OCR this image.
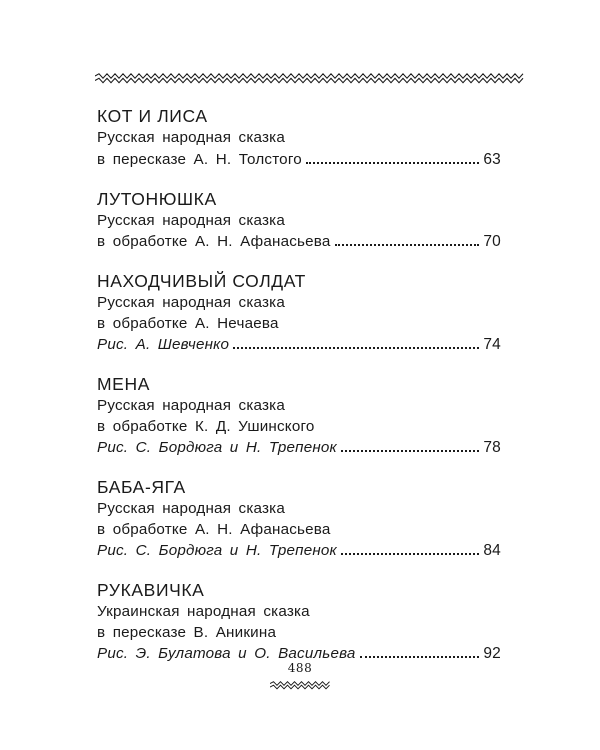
КОТ И ЛИСА
Русская народная сказка
в пересказе А. Н. Толстого	63
ЛУТОНЮШКА
Русская народная сказка
в обработке А. Н. Афанасьева	70
НАХОДЧИВЫЙ СОЛДАТ
Русская народная сказка
в обработке А. Нечаева
Рис. А. Шевченко	74
МЕНА
Русская народная сказка
в обработке К. Д. Ушинского
Рис. С. Бордюга и Н. Трепенок	78
БАБА-ЯГА
Русская народная сказка
в обработке А. Н. Афанасьева
Рис. С. Бордюга и Н. Трепенок	84
РУКАВИЧКА
Украинская народная сказка
в пересказе В. Аникина
Рис. Э. Булатова и О. Васильева	92
488
